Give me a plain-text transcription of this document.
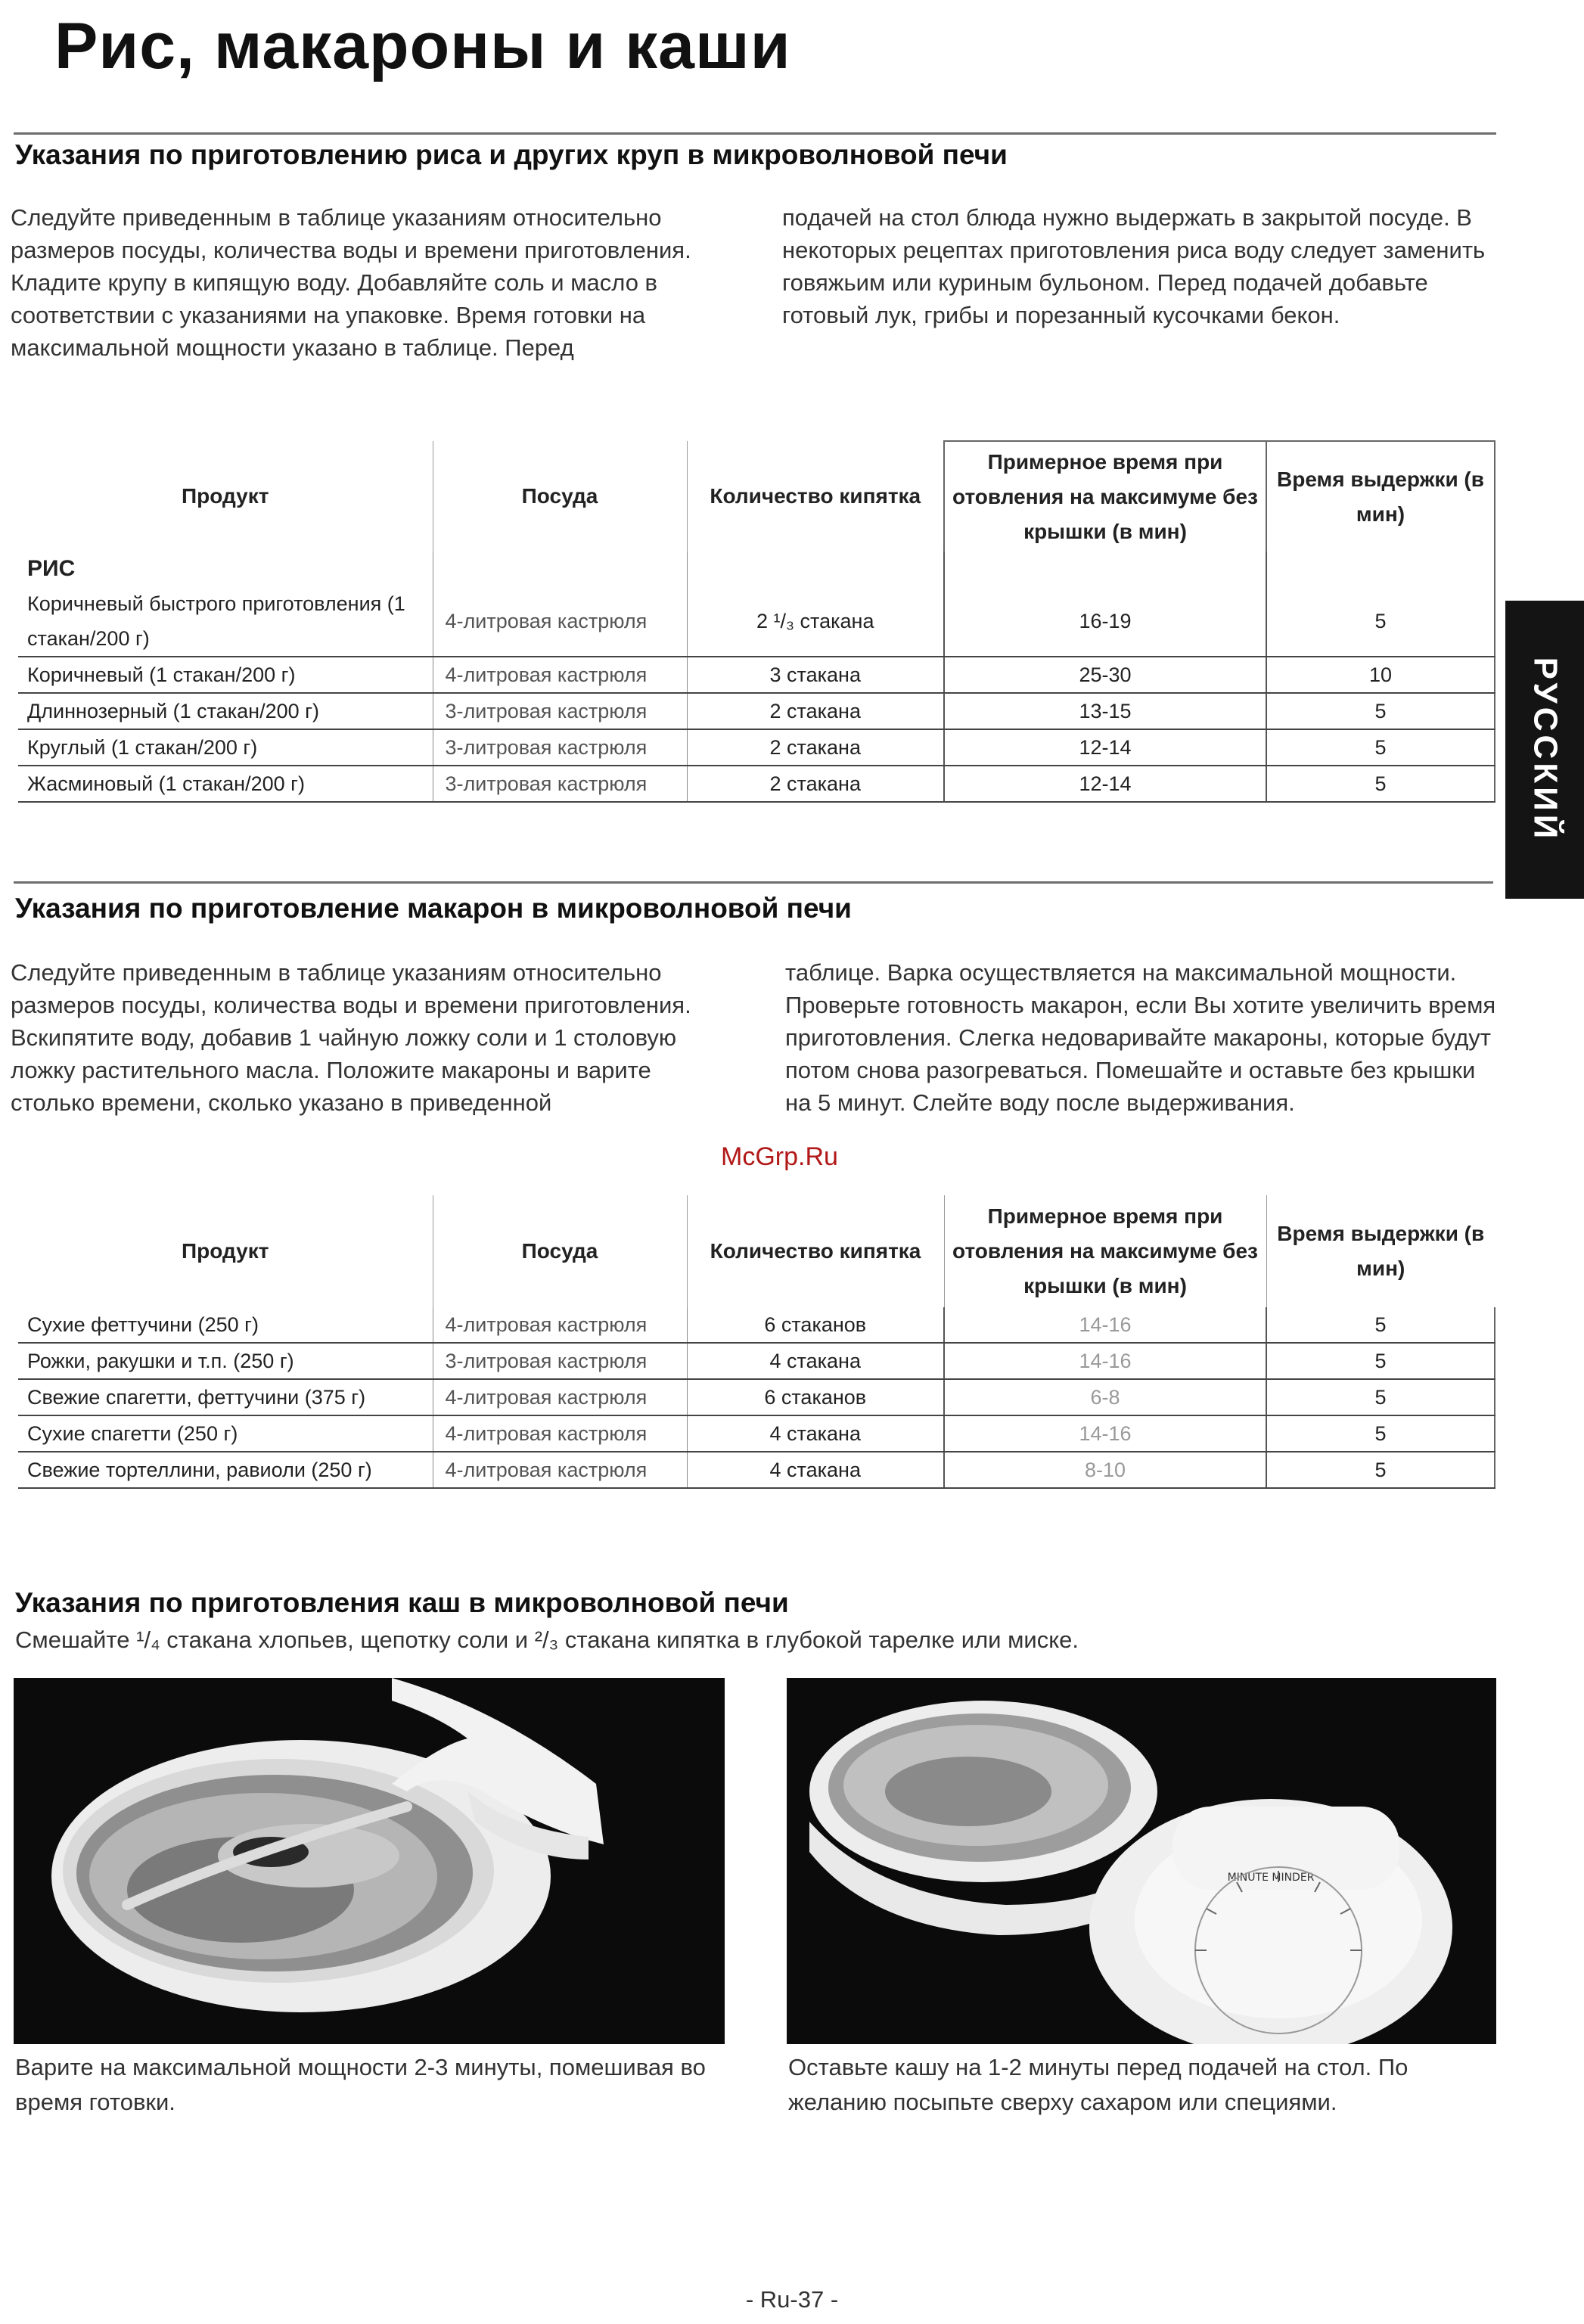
Рис, макароны и каши
Указания по приготовлению риса и других круп в микроволновой печи
Следуйте приведенным в таблице указаниям относительно размеров посуды, количества воды и времени приготовления. Кладите крупу в кипящую воду. Добавляйте соль и масло в соответствии с указаниями на упаковке. Время готовки на максимальной мощности указано в таблице. Перед
подачей на стол блюда нужно выдержать в закрытой посуде. В некоторых рецептах приготовления риса воду следует заменить говяжьим или куриным бульоном. Перед подачей добавьте готовый лук, грибы и порезанный кусочками бекон.
Продукт	Посуда	Количество кипятка	Примерное время при отовления на максимуме без крышки (в мин)	Время выдержки (в мин)
РИС				
Коричневый быстрого приготовления (1 стакан/200 г)	4-литровая кастрюля	2 ¹/₃ стакана	16-19	5
Коричневый (1 стакан/200 г)	4-литровая кастрюля	3 стакана	25-30	10
Длиннозерный (1 стакан/200 г)	3-литровая кастрюля	2 стакана	13-15	5
Круглый (1 стакан/200 г)	3-литровая кастрюля	2 стакана	12-14	5
Жасминовый (1 стакан/200 г)	3-литровая кастрюля	2 стакана	12-14	5	РУССКИЙ
Указания по приготовление макарон в микроволновой печи
Следуйте приведенным в таблице указаниям относительно размеров посуды, количества воды и времени приготовления. Вскипятите воду, добавив 1 чайную ложку соли и 1 столовую ложку растительного масла. Положите макароны и варите столько времени, сколько указано в приведенной
таблице. Варка осуществляется на максимальной мощности. Проверьте готовность макарон, если Вы хотите увеличить время приготовления. Слегка недоваривайте макароны, которые будут потом снова разогреваться. Помешайте и оставьте без крышки на 5 минут. Слейте воду после выдерживания.
McGrp.Ru
Продукт	Посуда	Количество кипятка	Примерное время при отовления на максимуме без крышки (в мин)	Время выдержки (в мин)
Сухие феттучини (250 г)	4-литровая кастрюля	6 стаканов	14-16	5
Рожки, ракушки и т.п. (250 г)	3-литровая кастрюля	4 стакана	14-16	5
Свежие спагетти, феттучини (375 г)	4-литровая кастрюля	6 стаканов	6-8	5
Сухие спагетти (250 г)	4-литровая кастрюля	4 стакана	14-16	5
Свежие тортеллини, равиоли (250 г)	4-литровая кастрюля	4 стакана	8-10	5
Указания по приготовления каш в микроволновой печи
Смешайте ¹/₄ стакана хлопьев, щепотку соли и ²/₃ стакана кипятка в глубокой тарелке или миске.
Варите на максимальной мощности 2-3 минуты, помешивая во время готовки.
MINUTE MINDER
Оставьте кашу на 1-2 минуты перед подачей на стол. По желанию посыпьте сверху сахаром или специями.
- Ru-37 -
